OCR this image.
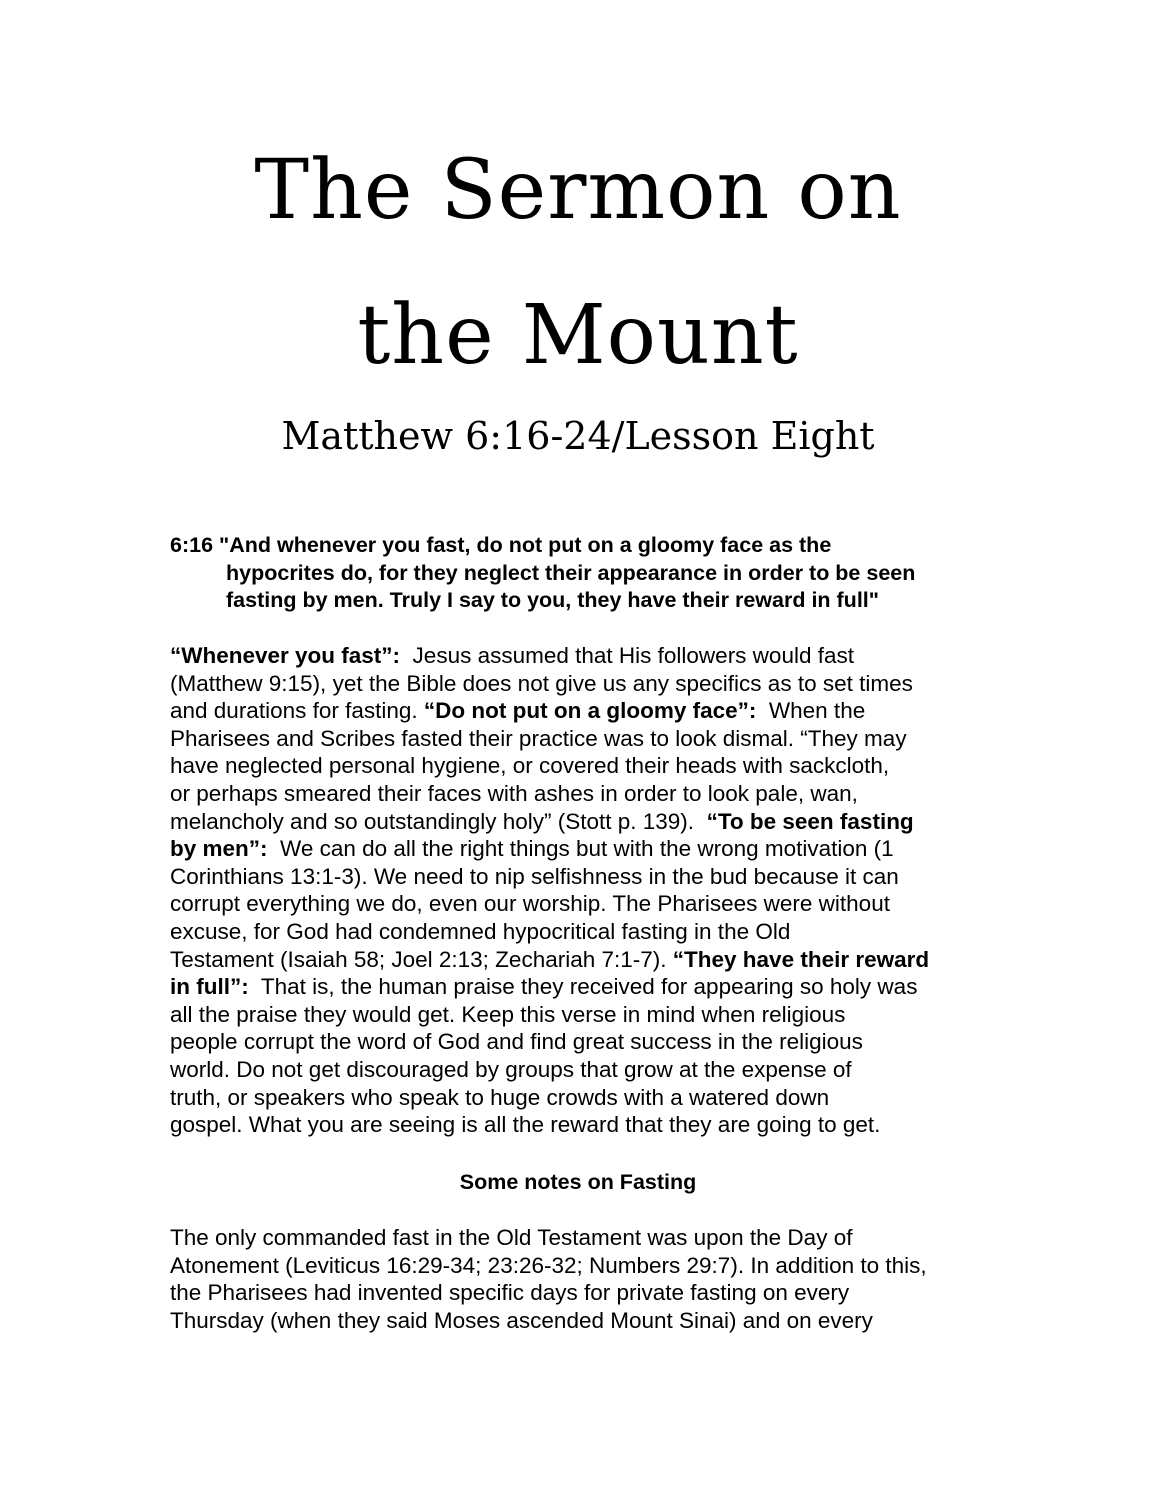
The Sermon on
the Mount
Matthew 6:16-24/Lesson Eight
6:16 "And whenever you fast, do not put on a gloomy face as the
hypocrites do, for they neglect their appearance in order to be seen
fasting by men. Truly I say to you, they have their reward in full"
“Whenever you fast”:  Jesus assumed that His followers would fast
(Matthew 9:15), yet the Bible does not give us any specifics as to set times
and durations for fasting. “Do not put on a gloomy face”:  When the
Pharisees and Scribes fasted their practice was to look dismal. “They may
have neglected personal hygiene, or covered their heads with sackcloth,
or perhaps smeared their faces with ashes in order to look pale, wan,
melancholy and so outstandingly holy” (Stott p. 139).  “To be seen fasting
by men”:  We can do all the right things but with the wrong motivation (1
Corinthians 13:1-3). We need to nip selfishness in the bud because it can
corrupt everything we do, even our worship. The Pharisees were without
excuse, for God had condemned hypocritical fasting in the Old
Testament (Isaiah 58; Joel 2:13; Zechariah 7:1-7). “They have their reward
in full”:  That is, the human praise they received for appearing so holy was
all the praise they would get. Keep this verse in mind when religious
people corrupt the word of God and find great success in the religious
world. Do not get discouraged by groups that grow at the expense of
truth, or speakers who speak to huge crowds with a watered down
gospel. What you are seeing is all the reward that they are going to get.
Some notes on Fasting
The only commanded fast in the Old Testament was upon the Day of
Atonement (Leviticus 16:29-34; 23:26-32; Numbers 29:7). In addition to this,
the Pharisees had invented specific days for private fasting on every
Thursday (when they said Moses ascended Mount Sinai) and on every
